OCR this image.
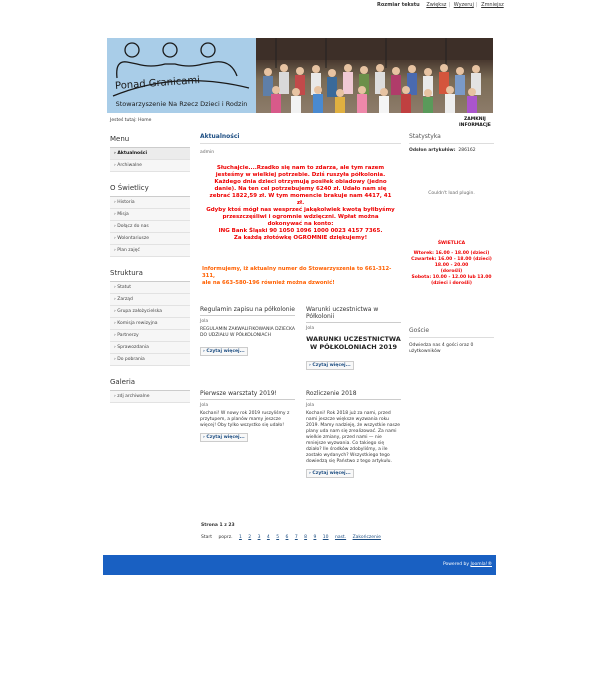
Rozmiar tekstu Zwiększ | Wyzeruj | Zmniejsz
Ponad Granicami
Stowarzyszenie Na Rzecz Dzieci i Rodzin
Jesteś tutaj: Home	ZAMKNIJ
INFORMACJE
Menu
› Aktualności
› Archiwalne
O Świetlicy
› Historia
› Misja
› Dołącz do nas
› Wolontariusze
› Plan zajęć
Struktura
› Statut
› Zarząd
› Grupa założycielska
› Komisja rewizyjna
› Partnerzy
› Sprawozdania
› Do pobrania
Galeria
› zdj archiwalne
Aktualności
admin
Słuchajcie....Rzadko się nam to zdarza, ale tym razem
jesteśmy w wielkiej potrzebie. Dziś ruszyła półkolonia.
Każdego dnia dzieci otrzymują posiłek obiadowy (jedno
danie). Na ten cel potrzebujemy 6240 zł. Udało nam się
zebrać 1822,59 zł. W tym momencie brakuje nam 4417, 41 zł.
Gdyby ktoś mógł nas wesprzeć jakąkolwiek kwotą byłibyśmy
przeszczęśliwi i ogromnie wdzięczni. Wpłat można
dokonywać na konto:
ING Bank Śląski 90 1050 1096 1000 0023 4157 7365.
Za każdą złotówkę OGROMNIE dziękujemy!
Informujemy, iż aktualny numer do Stowarzyszenia to 661-312-311,
ale na 663-580-196 również można dzwonić!
Regulamin zapisu na półkolonie
Jola
REGULAMIN ZAKWALIFIKOWANIA DZIECKA DO UDZIAŁU W PÓŁKOLONIACH
› Czytaj więcej...
Warunki uczestnictwa w Półkolonii
Jola
WARUNKI UCZESTNICTWA W PÓŁKOLONIACH 2019
› Czytaj więcej...
Pierwsze warsztaty 2019!
Jola
Kochani! W nowy rok 2019 ruszyliśmy z przytupem, a planów mamy jeszcze więcej! Oby tylko wszystko się udało!
› Czytaj więcej...
Rozliczenie 2018
Jola
Kochani! Rok 2018 już za nami, przed nami jeszcze większe wyzwania roku 2019. Mamy nadzieję, że wszystkie nasze plany uda nam się zrealizować. Za nami wielkie zmiany, przed nami — nie mniejsze wyzwania. Co takiego się działo? Ile środków zdobyliśmy, a ile zostało wydanych? Wszystkiego tego dowiedzą się Państwo z tego artykułu.
› Czytaj więcej...
Strona 1 z 23
Start poprz. 1 2 3 4 5 6 7 8 9 10 nast. Zakończenie
Statystyka
Odsłon artykułów: 286162
Couldn't load plugin.
ŚWIETLICA
Wtorek: 16.00 - 18.00 (dzieci)
Czwartek: 16.00 - 18.00 (dzieci)
18.00 - 20.00
(dorośli)
Sobota: 10.00 - 12.00 lub 13.00
(dzieci i dorośli)
Goście
Odwiedza nas 4 gości oraz 0 użytkowników
Powered by Joomla!®
